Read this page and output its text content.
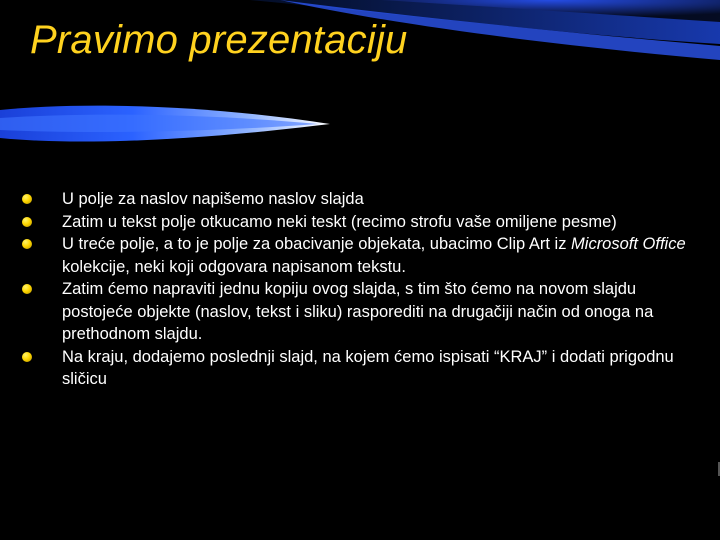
Pravimo prezentaciju
U polje za naslov napišemo naslov slajda
Zatim u tekst polje otkucamo neki teskt (recimo strofu vaše omiljene pesme)
U treće polje, a to je polje za obacivanje objekata, ubacimo Clip Art iz Microsoft Office kolekcije, neki koji odgovara napisanom tekstu.
Zatim ćemo napraviti jednu kopiju ovog slajda, s tim što ćemo na novom slajdu postojeće objekte (naslov, tekst i sliku) rasporediti na drugačiji način od onoga na prethodnom slajdu.
Na kraju, dodajemo poslednji slajd, na kojem ćemo ispisati “KRAJ” i dodati prigodnu sličicu
